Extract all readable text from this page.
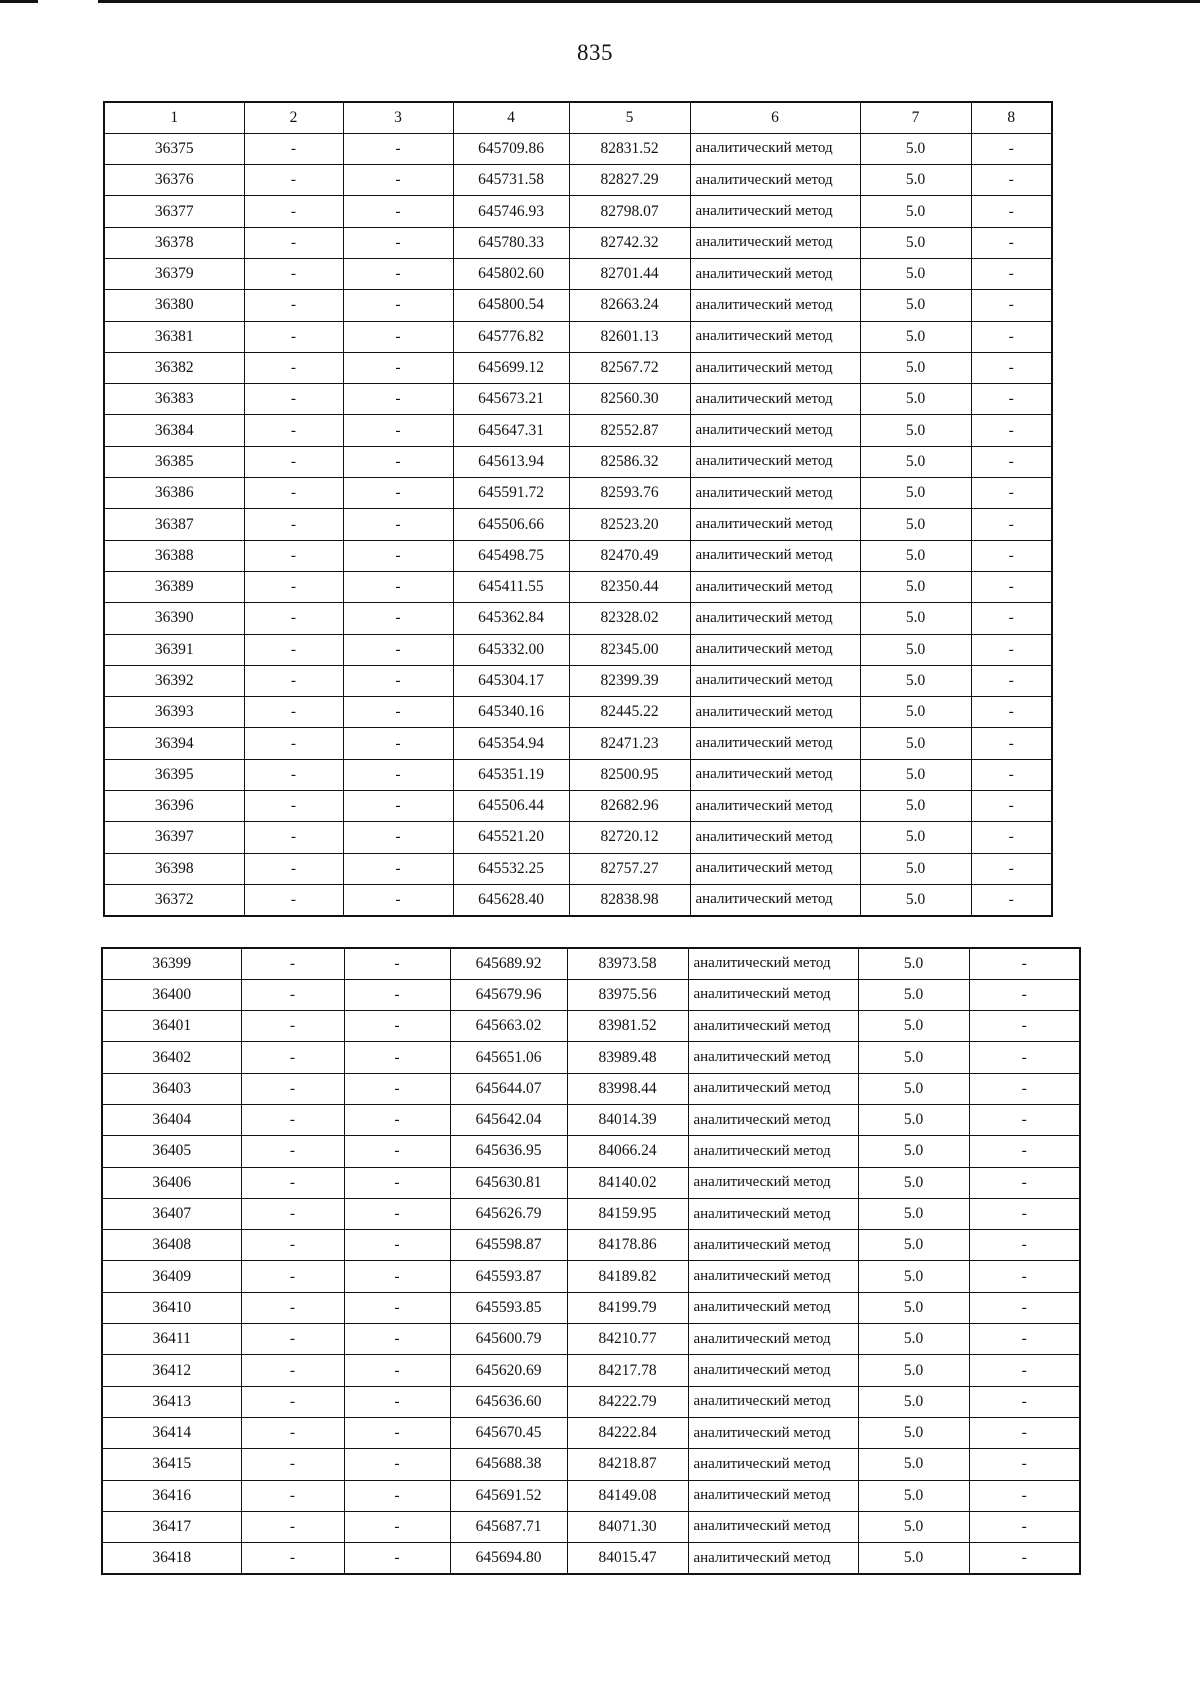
835
1	2	3	4	5	6	7	8
36375	-	-	645709.86	82831.52	аналитический метод	5.0	-
36376	-	-	645731.58	82827.29	аналитический метод	5.0	-
36377	-	-	645746.93	82798.07	аналитический метод	5.0	-
36378	-	-	645780.33	82742.32	аналитический метод	5.0	-
36379	-	-	645802.60	82701.44	аналитический метод	5.0	-
36380	-	-	645800.54	82663.24	аналитический метод	5.0	-
36381	-	-	645776.82	82601.13	аналитический метод	5.0	-
36382	-	-	645699.12	82567.72	аналитический метод	5.0	-
36383	-	-	645673.21	82560.30	аналитический метод	5.0	-
36384	-	-	645647.31	82552.87	аналитический метод	5.0	-
36385	-	-	645613.94	82586.32	аналитический метод	5.0	-
36386	-	-	645591.72	82593.76	аналитический метод	5.0	-
36387	-	-	645506.66	82523.20	аналитический метод	5.0	-
36388	-	-	645498.75	82470.49	аналитический метод	5.0	-
36389	-	-	645411.55	82350.44	аналитический метод	5.0	-
36390	-	-	645362.84	82328.02	аналитический метод	5.0	-
36391	-	-	645332.00	82345.00	аналитический метод	5.0	-
36392	-	-	645304.17	82399.39	аналитический метод	5.0	-
36393	-	-	645340.16	82445.22	аналитический метод	5.0	-
36394	-	-	645354.94	82471.23	аналитический метод	5.0	-
36395	-	-	645351.19	82500.95	аналитический метод	5.0	-
36396	-	-	645506.44	82682.96	аналитический метод	5.0	-
36397	-	-	645521.20	82720.12	аналитический метод	5.0	-
36398	-	-	645532.25	82757.27	аналитический метод	5.0	-
36372	-	-	645628.40	82838.98	аналитический метод	5.0	-
36399	-	-	645689.92	83973.58	аналитический метод	5.0	-
36400	-	-	645679.96	83975.56	аналитический метод	5.0	-
36401	-	-	645663.02	83981.52	аналитический метод	5.0	-
36402	-	-	645651.06	83989.48	аналитический метод	5.0	-
36403	-	-	645644.07	83998.44	аналитический метод	5.0	-
36404	-	-	645642.04	84014.39	аналитический метод	5.0	-
36405	-	-	645636.95	84066.24	аналитический метод	5.0	-
36406	-	-	645630.81	84140.02	аналитический метод	5.0	-
36407	-	-	645626.79	84159.95	аналитический метод	5.0	-
36408	-	-	645598.87	84178.86	аналитический метод	5.0	-
36409	-	-	645593.87	84189.82	аналитический метод	5.0	-
36410	-	-	645593.85	84199.79	аналитический метод	5.0	-
36411	-	-	645600.79	84210.77	аналитический метод	5.0	-
36412	-	-	645620.69	84217.78	аналитический метод	5.0	-
36413	-	-	645636.60	84222.79	аналитический метод	5.0	-
36414	-	-	645670.45	84222.84	аналитический метод	5.0	-
36415	-	-	645688.38	84218.87	аналитический метод	5.0	-
36416	-	-	645691.52	84149.08	аналитический метод	5.0	-
36417	-	-	645687.71	84071.30	аналитический метод	5.0	-
36418	-	-	645694.80	84015.47	аналитический метод	5.0	-
